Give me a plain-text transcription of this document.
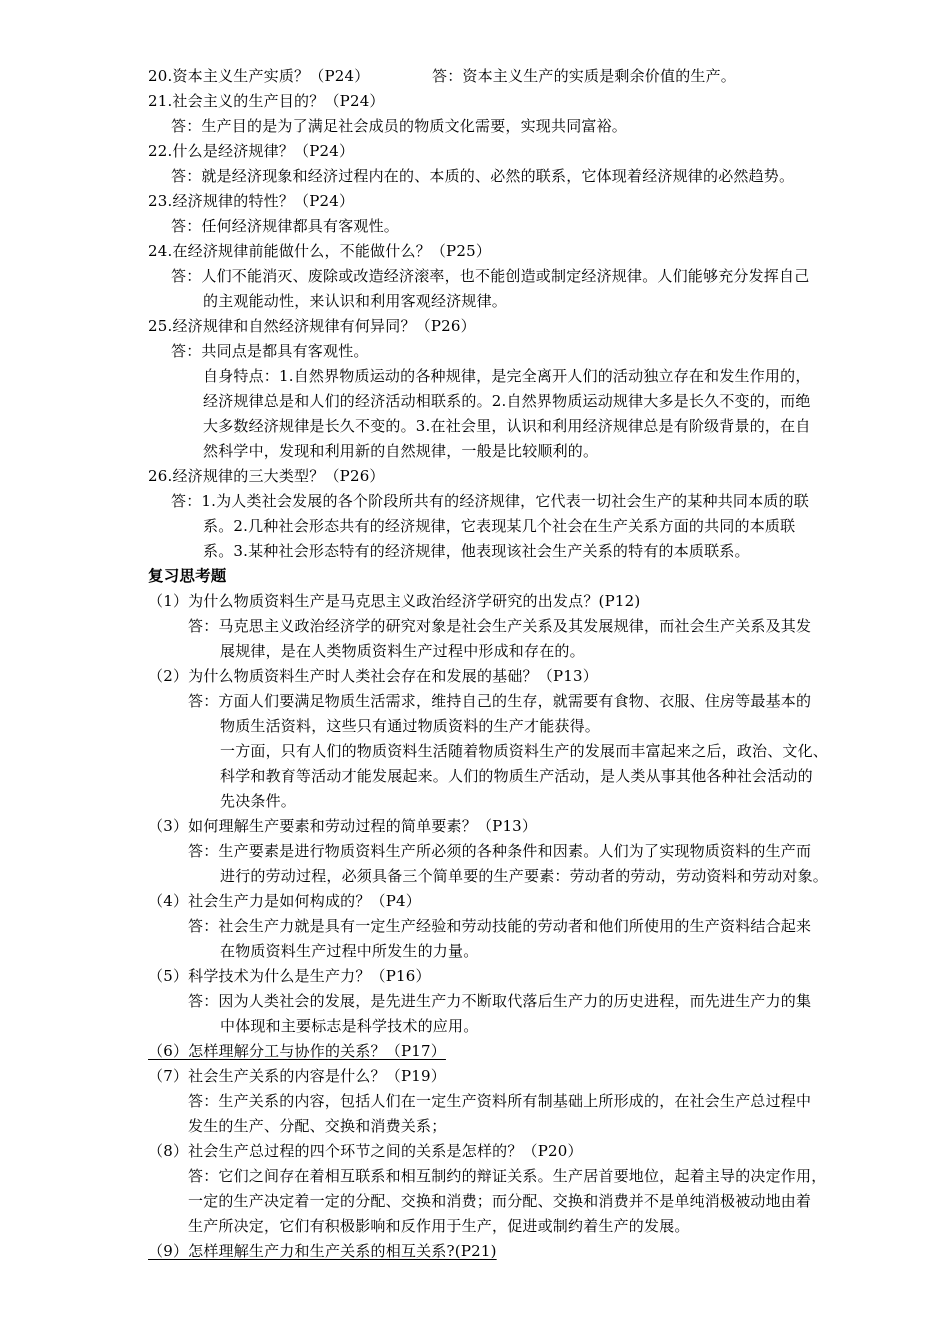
20.资本主义生产实质？（P24）	答：资本主义生产的实质是剩余价值的生产。
21.社会主义的生产目的？（P24）
答：生产目的是为了满足社会成员的物质文化需要，实现共同富裕。
22.什么是经济规律？（P24）
答：就是经济现象和经济过程内在的、本质的、必然的联系，它体现着经济规律的必然趋势。
23.经济规律的特性？（P24）
答：任何经济规律都具有客观性。
24.在经济规律前能做什么，不能做什么？（P25）
答：人们不能消灭、废除或改造经济滚率，也不能创造或制定经济规律。人们能够充分发挥自己
的主观能动性，来认识和利用客观经济规律。
25.经济规律和自然经济规律有何异同？（P26）
答：共同点是都具有客观性。
自身特点：1.自然界物质运动的各种规律，是完全离开人们的活动独立存在和发生作用的，
经济规律总是和人们的经济活动相联系的。2.自然界物质运动规律大多是长久不变的，而绝
大多数经济规律是长久不变的。3.在社会里，认识和利用经济规律总是有阶级背景的，在自
然科学中，发现和利用新的自然规律，一般是比较顺利的。
26.经济规律的三大类型？（P26）
答：1.为人类社会发展的各个阶段所共有的经济规律，它代表一切社会生产的某种共同本质的联
系。2.几种社会形态共有的经济规律，它表现某几个社会在生产关系方面的共同的本质联
系。3.某种社会形态特有的经济规律，他表现该社会生产关系的特有的本质联系。
复习思考题
（1）为什么物质资料生产是马克思主义政治经济学研究的出发点？(P12)
答：马克思主义政治经济学的研究对象是社会生产关系及其发展规律，而社会生产关系及其发
展规律，是在人类物质资料生产过程中形成和存在的。
（2）为什么物质资料生产时人类社会存在和发展的基础？（P13）
答：方面人们要满足物质生活需求，维持自己的生存，就需要有食物、衣服、住房等最基本的
物质生活资料，这些只有通过物质资料的生产才能获得。
一方面，只有人们的物质资料生活随着物质资料生产的发展而丰富起来之后，政治、文化、
科学和教育等活动才能发展起来。人们的物质生产活动，是人类从事其他各种社会活动的
先决条件。
（3）如何理解生产要素和劳动过程的简单要素？（P13）
答：生产要素是进行物质资料生产所必须的各种条件和因素。人们为了实现物质资料的生产而
进行的劳动过程，必须具备三个简单要的生产要素：劳动者的劳动，劳动资料和劳动对象。
（4）社会生产力是如何构成的？（P4）
答：社会生产力就是具有一定生产经验和劳动技能的劳动者和他们所使用的生产资料结合起来
在物质资料生产过程中所发生的力量。
（5）科学技术为什么是生产力？（P16）
答：因为人类社会的发展，是先进生产力不断取代落后生产力的历史进程，而先进生产力的集
中体现和主要标志是科学技术的应用。
（6）怎样理解分工与协作的关系？（P17）
（7）社会生产关系的内容是什么？（P19）
答：生产关系的内容，包括人们在一定生产资料所有制基础上所形成的，在社会生产总过程中
发生的生产、分配、交换和消费关系；
（8）社会生产总过程的四个环节之间的关系是怎样的？（P20）
答：它们之间存在着相互联系和相互制约的辩证关系。生产居首要地位，起着主导的决定作用，
一定的生产决定着一定的分配、交换和消费；而分配、交换和消费并不是单纯消极被动地由着
生产所决定，它们有积极影响和反作用于生产，促进或制约着生产的发展。
（9）怎样理解生产力和生产关系的相互关系?(P21)
